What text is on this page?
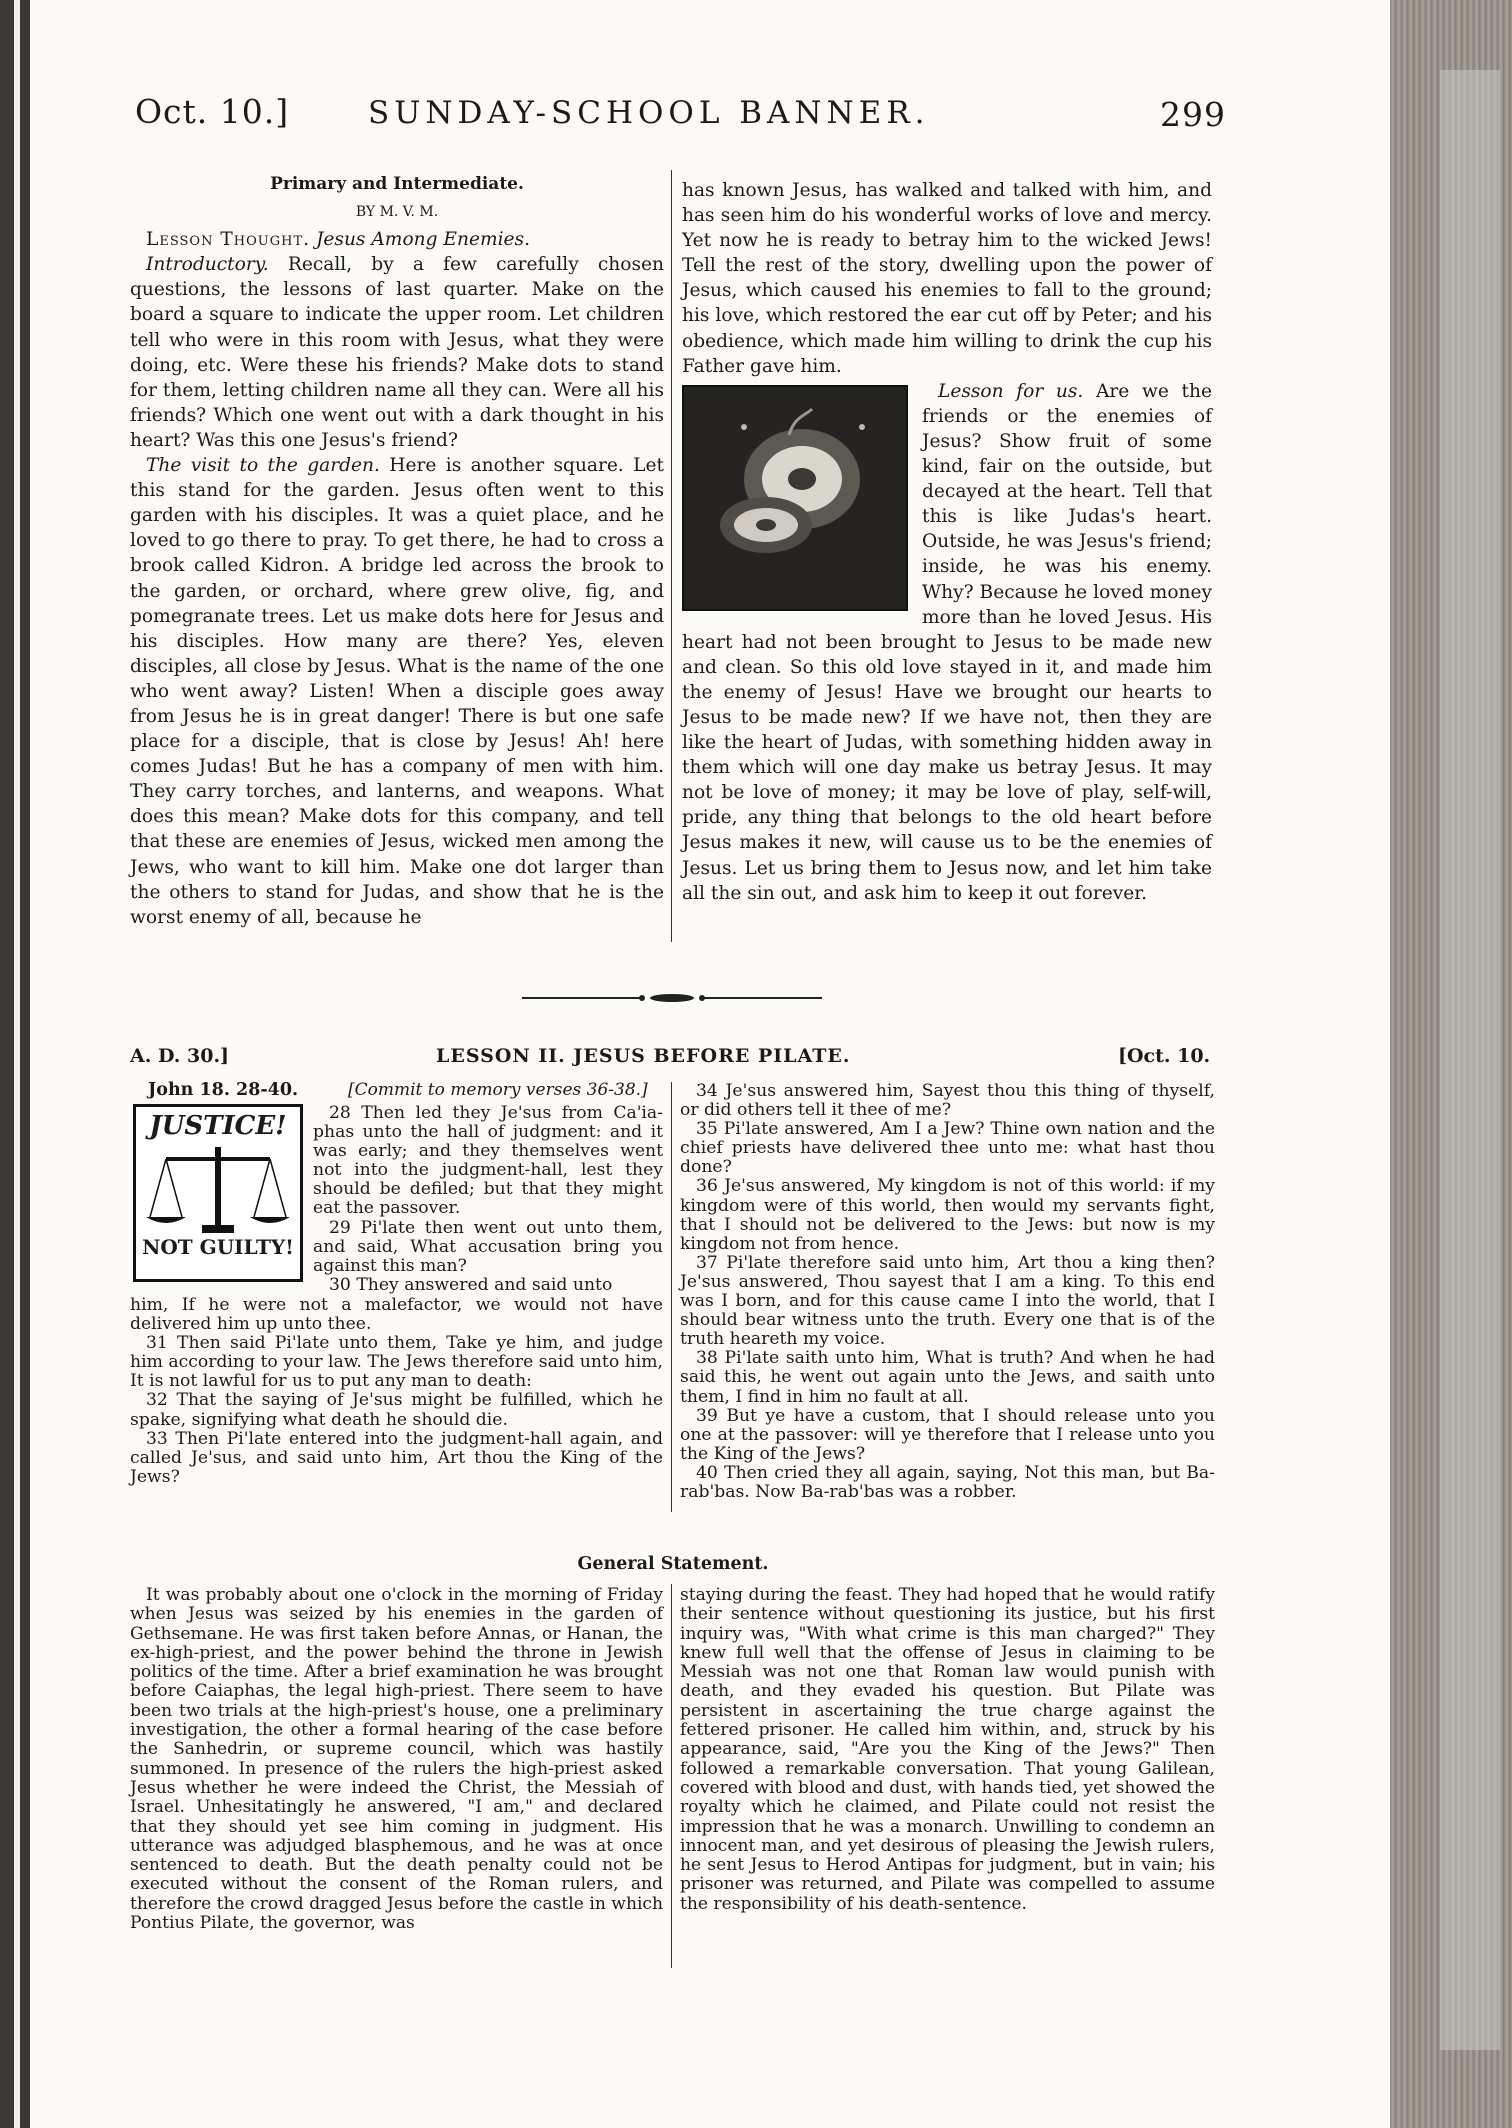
Oct. 10.]	SUNDAY-SCHOOL BANNER.	299
Primary and Intermediate.
BY M. V. M.

Lesson Thought. Jesus Among Enemies.

Introductory. Recall, by a few carefully chosen questions, the lessons of last quarter. Make on the board a square to indicate the upper room. Let children tell who were in this room with Jesus, what they were doing, etc. Were these his friends? Make dots to stand for them, letting children name all they can. Were all his friends? Which one went out with a dark thought in his heart? Was this one Jesus's friend?

The visit to the garden. Here is another square. Let this stand for the garden. Jesus often went to this garden with his disciples. It was a quiet place, and he loved to go there to pray. To get there, he had to cross a brook called Kidron. A bridge led across the brook to the garden, or orchard, where grew olive, fig, and pomegranate trees. Let us make dots here for Jesus and his disciples. How many are there? Yes, eleven disciples, all close by Jesus. What is the name of the one who went away? Listen! When a disciple goes away from Jesus he is in great danger! There is but one safe place for a disciple, that is close by Jesus! Ah! here comes Judas! But he has a company of men with him. They carry torches, and lanterns, and weapons. What does this mean? Make dots for this company, and tell that these are enemies of Jesus, wicked men among the Jews, who want to kill him. Make one dot larger than the others to stand for Judas, and show that he is the worst enemy of all, because he

has known Jesus, has walked and talked with him, and has seen him do his wonderful works of love and mercy. Yet now he is ready to betray him to the wicked Jews! Tell the rest of the story, dwelling upon the power of Jesus, which caused his enemies to fall to the ground; his love, which restored the ear cut off by Peter; and his obedience, which made him willing to drink the cup his Father gave him.

Lesson for us. Are we the friends or the enemies of Jesus? Show fruit of some kind, fair on the outside, but decayed at the heart. Tell that this is like Judas's heart. Outside, he was Jesus's friend; inside, he was his enemy. Why? Because he loved money more than he loved Jesus. His heart had not been brought to Jesus to be made new and clean. So this old love stayed in it, and made him the enemy of Jesus! Have we brought our hearts to Jesus to be made new? If we have not, then they are like the heart of Judas, with something hidden away in them which will one day make us betray Jesus. It may not be love of money; it may be love of play, self-will, pride, any thing that belongs to the old heart before Jesus makes it new, will cause us to be the enemies of Jesus. Let us bring them to Jesus now, and let him take all the sin out, and ask him to keep it out forever.

A. D. 30.]	LESSON II. JESUS BEFORE PILATE.	[Oct. 10.
John 18. 28-40.	[Commit to memory verses 36-38.]
JUSTICE!
NOT GUILTY!

28 Then led they Je'sus from Ca'ia-phas unto the hall of judgment: and it was early; and they themselves went not into the judgment-hall, lest they should be defiled; but that they might eat the passover.

29 Pi'late then went out unto them, and said, What accusation bring you against this man?

30 They answered and said unto

him, If he were not a malefactor, we would not have delivered him up unto thee.

31 Then said Pi'late unto them, Take ye him, and judge him according to your law. The Jews therefore said unto him, It is not lawful for us to put any man to death:

32 That the saying of Je'sus might be fulfilled, which he spake, signifying what death he should die.

33 Then Pi'late entered into the judgment-hall again, and called Je'sus, and said unto him, Art thou the King of the Jews?

34 Je'sus answered him, Sayest thou this thing of thyself, or did others tell it thee of me?

35 Pi'late answered, Am I a Jew? Thine own nation and the chief priests have delivered thee unto me: what hast thou done?

36 Je'sus answered, My kingdom is not of this world: if my kingdom were of this world, then would my servants fight, that I should not be delivered to the Jews: but now is my kingdom not from hence.

37 Pi'late therefore said unto him, Art thou a king then? Je'sus answered, Thou sayest that I am a king. To this end was I born, and for this cause came I into the world, that I should bear witness unto the truth. Every one that is of the truth heareth my voice.

38 Pi'late saith unto him, What is truth? And when he had said this, he went out again unto the Jews, and saith unto them, I find in him no fault at all.

39 But ye have a custom, that I should release unto you one at the passover: will ye therefore that I release unto you the King of the Jews?

40 Then cried they all again, saying, Not this man, but Ba-rab'bas. Now Ba-rab'bas was a robber.

General Statement.

It was probably about one o'clock in the morning of Friday when Jesus was seized by his enemies in the garden of Gethsemane. He was first taken before Annas, or Hanan, the ex-high-priest, and the power behind the throne in Jewish politics of the time. After a brief examination he was brought before Caiaphas, the legal high-priest. There seem to have been two trials at the high-priest's house, one a preliminary investigation, the other a formal hearing of the case before the Sanhedrin, or supreme council, which was hastily summoned. In presence of the rulers the high-priest asked Jesus whether he were indeed the Christ, the Messiah of Israel. Unhesitatingly he answered, "I am," and declared that they should yet see him coming in judgment. His utterance was adjudged blasphemous, and he was at once sentenced to death. But the death penalty could not be executed without the consent of the Roman rulers, and therefore the crowd dragged Jesus before the castle in which Pontius Pilate, the governor, was

staying during the feast. They had hoped that he would ratify their sentence without questioning its justice, but his first inquiry was, "With what crime is this man charged?" They knew full well that the offense of Jesus in claiming to be Messiah was not one that Roman law would punish with death, and they evaded his question. But Pilate was persistent in ascertaining the true charge against the fettered prisoner. He called him within, and, struck by his appearance, said, "Are you the King of the Jews?" Then followed a remarkable conversation. That young Galilean, covered with blood and dust, with hands tied, yet showed the royalty which he claimed, and Pilate could not resist the impression that he was a monarch. Unwilling to condemn an innocent man, and yet desirous of pleasing the Jewish rulers, he sent Jesus to Herod Antipas for judgment, but in vain; his prisoner was returned, and Pilate was compelled to assume the responsibility of his death-sentence.
